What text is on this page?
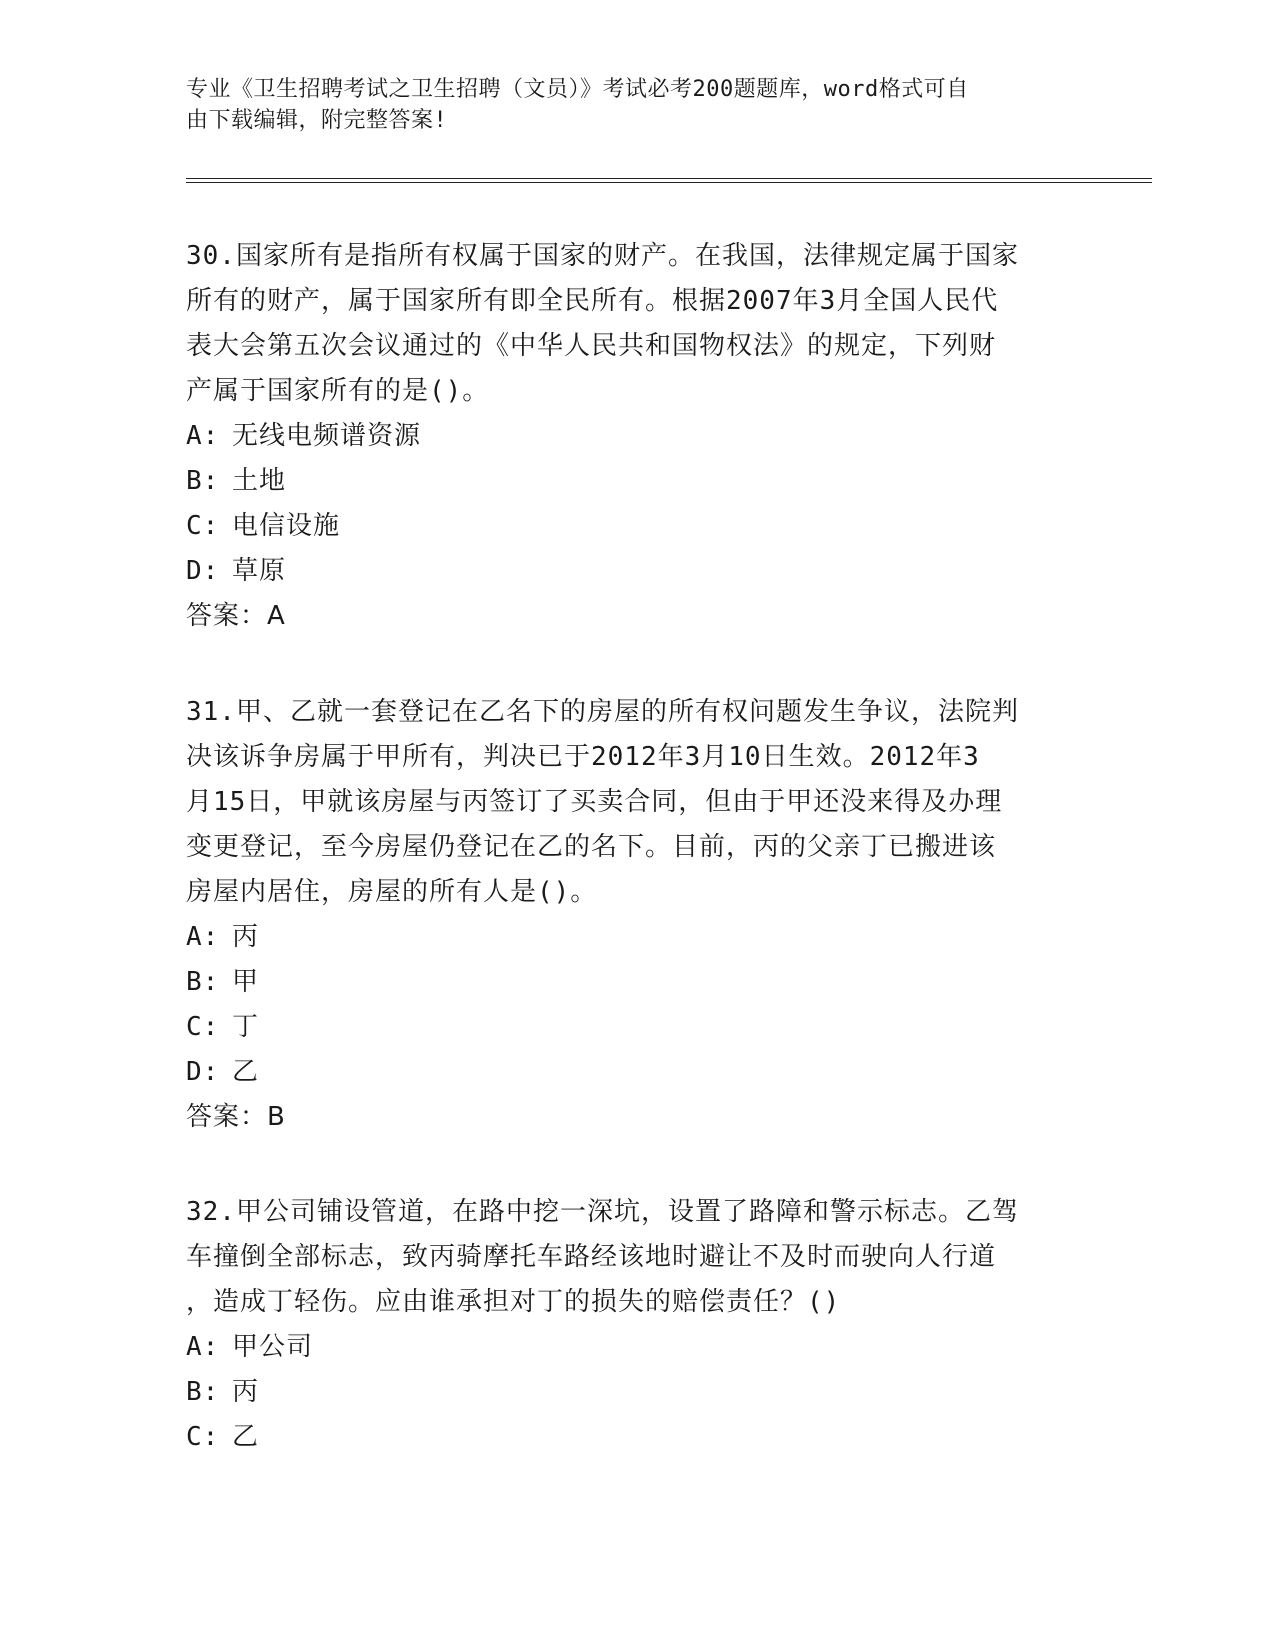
专业《卫生招聘考试之卫生招聘（文员）》考试必考200题题库，word格式可自
由下载编辑，附完整答案!
30.国家所有是指所有权属于国家的财产。在我国，法律规定属于国家
所有的财产，属于国家所有即全民所有。根据2007年3月全国人民代
表大会第五次会议通过的《中华人民共和国物权法》的规定，下列财
产属于国家所有的是()。
A: 无线电频谱资源
B: 土地
C: 电信设施
D: 草原
答案：A
31.甲、乙就一套登记在乙名下的房屋的所有权问题发生争议，法院判
决该诉争房属于甲所有，判决已于2012年3月10日生效。2012年3
月15日，甲就该房屋与丙签订了买卖合同，但由于甲还没来得及办理
变更登记，至今房屋仍登记在乙的名下。目前，丙的父亲丁已搬进该
房屋内居住，房屋的所有人是()。
A: 丙
B: 甲
C: 丁
D: 乙
答案：B
32.甲公司铺设管道，在路中挖一深坑，设置了路障和警示标志。乙驾
车撞倒全部标志，致丙骑摩托车路经该地时避让不及时而驶向人行道
，造成丁轻伤。应由谁承担对丁的损失的赔偿责任？()
A: 甲公司
B: 丙
C: 乙
